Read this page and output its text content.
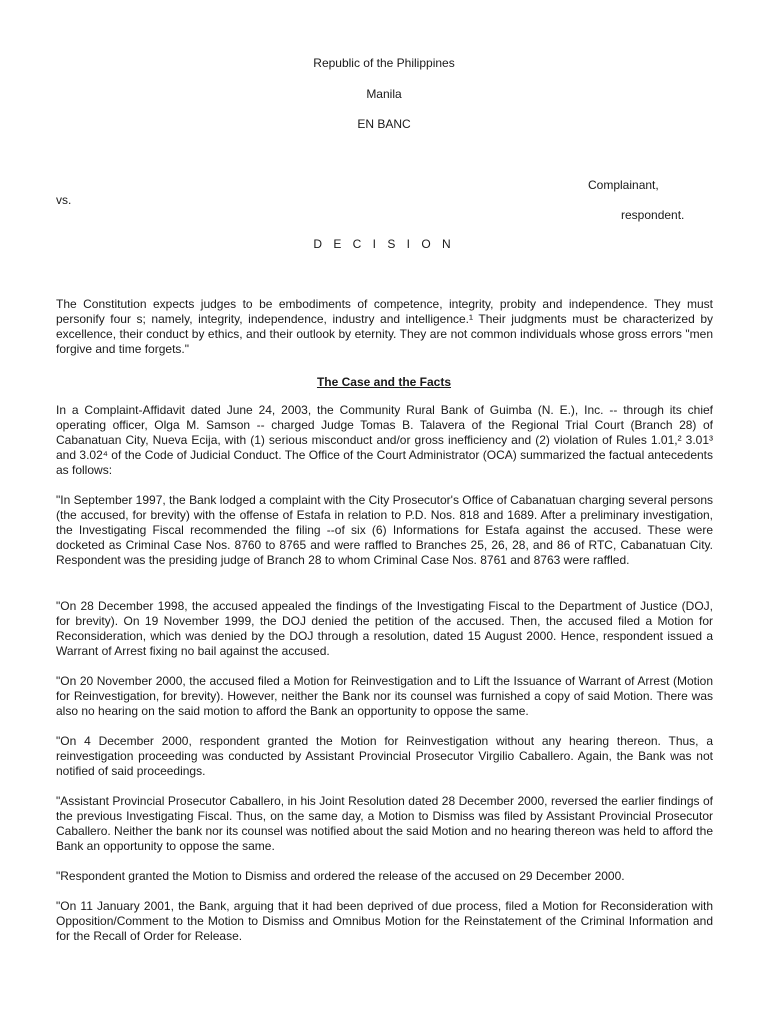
Republic of the Philippines
Manila
EN BANC
Complainant,
vs.
respondent.
D E C I S I O N
The Constitution expects judges to be embodiments of competence, integrity, probity and independence. They must personify four s; namely, integrity, independence, industry and intelligence.¹ Their judgments must be characterized by excellence, their conduct by ethics, and their outlook by eternity. They are not common individuals whose gross errors "men forgive and time forgets."
The Case and the Facts
In a Complaint-Affidavit dated June 24, 2003, the Community Rural Bank of Guimba (N. E.), Inc. -- through its chief operating officer, Olga M. Samson -- charged Judge Tomas B. Talavera of the Regional Trial Court (Branch 28) of Cabanatuan City, Nueva Ecija, with (1) serious misconduct and/or gross inefficiency and (2) violation of Rules 1.01,² 3.01³ and 3.02⁴ of the Code of Judicial Conduct. The Office of the Court Administrator (OCA) summarized the factual antecedents as follows:
"In September 1997, the Bank lodged a complaint with the City Prosecutor's Office of Cabanatuan charging several persons (the accused, for brevity) with the offense of Estafa in relation to P.D. Nos. 818 and 1689. After a preliminary investigation, the Investigating Fiscal recommended the filing --of six (6) Informations for Estafa against the accused. These were docketed as Criminal Case Nos. 8760 to 8765 and were raffled to Branches 25, 26, 28, and 86 of RTC, Cabanatuan City. Respondent was the presiding judge of Branch 28 to whom Criminal Case Nos. 8761 and 8763 were raffled.
"On 28 December 1998, the accused appealed the findings of the Investigating Fiscal to the Department of Justice (DOJ, for brevity). On 19 November 1999, the DOJ denied the petition of the accused. Then, the accused filed a Motion for Reconsideration, which was denied by the DOJ through a resolution, dated 15 August 2000. Hence, respondent issued a Warrant of Arrest fixing no bail against the accused.
"On 20 November 2000, the accused filed a Motion for Reinvestigation and to Lift the Issuance of Warrant of Arrest (Motion for Reinvestigation, for brevity). However, neither the Bank nor its counsel was furnished a copy of said Motion. There was also no hearing on the said motion to afford the Bank an opportunity to oppose the same.
"On 4 December 2000, respondent granted the Motion for Reinvestigation without any hearing thereon. Thus, a reinvestigation proceeding was conducted by Assistant Provincial Prosecutor Virgilio Caballero. Again, the Bank was not notified of said proceedings.
"Assistant Provincial Prosecutor Caballero, in his Joint Resolution dated 28 December 2000, reversed the earlier findings of the previous Investigating Fiscal. Thus, on the same day, a Motion to Dismiss was filed by Assistant Provincial Prosecutor Caballero. Neither the bank nor its counsel was notified about the said Motion and no hearing thereon was held to afford the Bank an opportunity to oppose the same.
"Respondent granted the Motion to Dismiss and ordered the release of the accused on 29 December 2000.
"On 11 January 2001, the Bank, arguing that it had been deprived of due process, filed a Motion for Reconsideration with Opposition/Comment to the Motion to Dismiss and Omnibus Motion for the Reinstatement of the Criminal Information and for the Recall of Order for Release.
